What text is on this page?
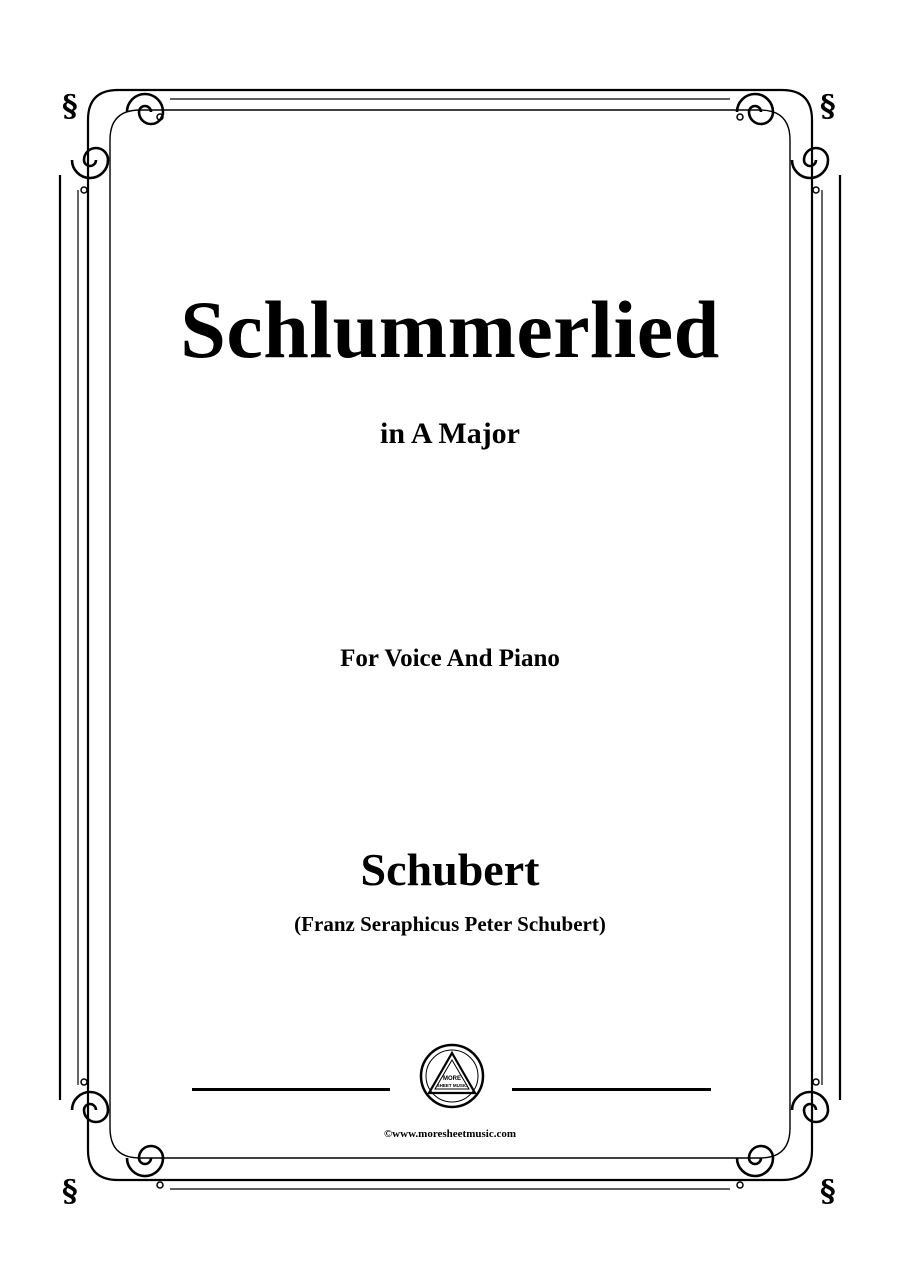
§	§
§	§
Schlummerlied
in A Major
For Voice And Piano
Schubert
(Franz Seraphicus Peter Schubert)
MORE
SHEET MUSIC
©www.moresheetmusic.com
